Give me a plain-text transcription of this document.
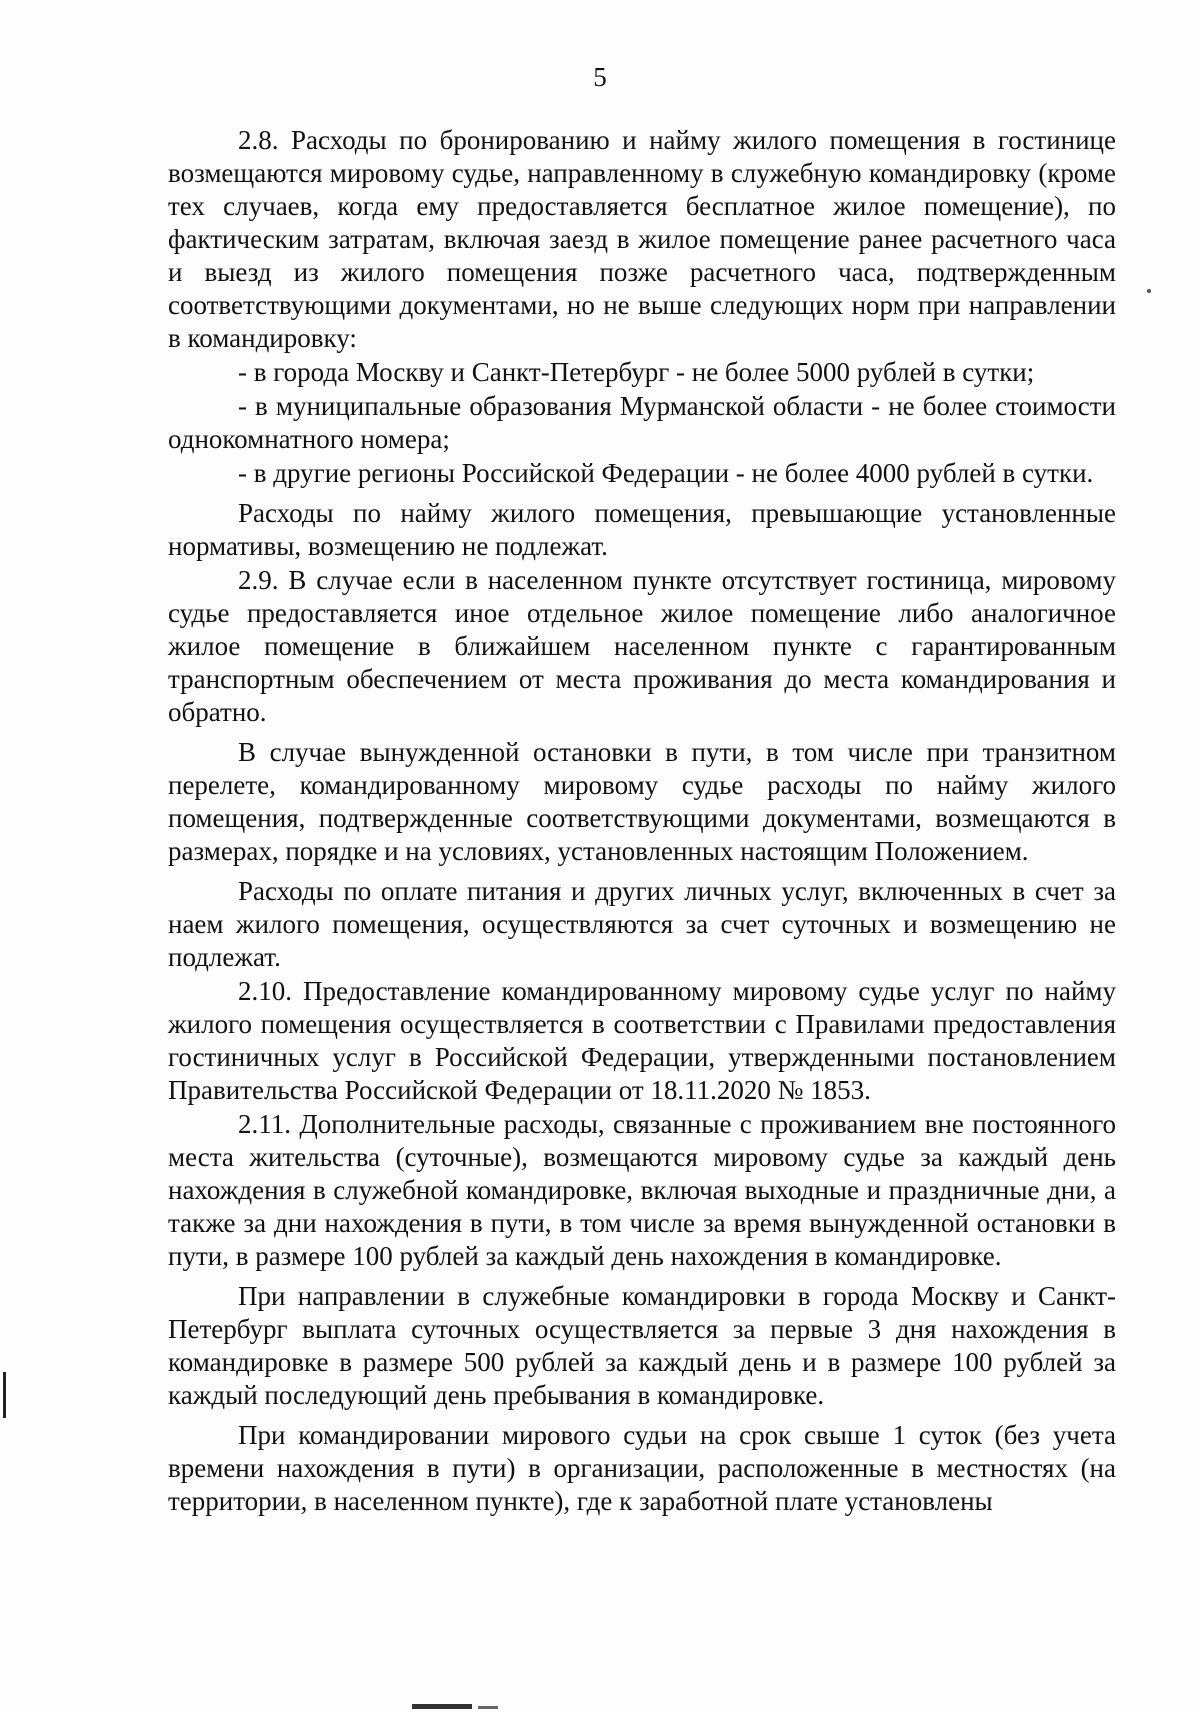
5

2.8. Расходы по бронированию и найму жилого помещения в гостинице возмещаются мировому судье, направленному в служебную командировку (кроме тех случаев, когда ему предоставляется бесплатное жилое помещение), по фактическим затратам, включая заезд в жилое помещение ранее расчетного часа и выезд из жилого помещения позже расчетного часа, подтвержденным соответствующими документами, но не выше следующих норм при направлении в командировку:

- в города Москву и Санкт-Петербург - не более 5000 рублей в сутки;

- в муниципальные образования Мурманской области - не более стоимости однокомнатного номера;

- в другие регионы Российской Федерации - не более 4000 рублей в сутки.

Расходы по найму жилого помещения, превышающие установленные нормативы, возмещению не подлежат.

2.9. В случае если в населенном пункте отсутствует гостиница, мировому судье предоставляется иное отдельное жилое помещение либо аналогичное жилое помещение в ближайшем населенном пункте с гарантированным транспортным обеспечением от места проживания до места командирования и обратно.

В случае вынужденной остановки в пути, в том числе при транзитном перелете, командированному мировому судье расходы по найму жилого помещения, подтвержденные соответствующими документами, возмещаются в размерах, порядке и на условиях, установленных настоящим Положением.

Расходы по оплате питания и других личных услуг, включенных в счет за наем жилого помещения, осуществляются за счет суточных и возмещению не подлежат.

2.10. Предоставление командированному мировому судье услуг по найму жилого помещения осуществляется в соответствии с Правилами предоставления гостиничных услуг в Российской Федерации, утвержденными постановлением Правительства Российской Федерации от 18.11.2020 № 1853.

2.11. Дополнительные расходы, связанные с проживанием вне постоянного места жительства (суточные), возмещаются мировому судье за каждый день нахождения в служебной командировке, включая выходные и праздничные дни, а также за дни нахождения в пути, в том числе за время вынужденной остановки в пути, в размере 100 рублей за каждый день нахождения в командировке.

При направлении в служебные командировки в города Москву и Санкт-Петербург выплата суточных осуществляется за первые 3 дня нахождения в командировке в размере 500 рублей за каждый день и в размере 100 рублей за каждый последующий день пребывания в командировке.

При командировании мирового судьи на срок свыше 1 суток (без учета времени нахождения в пути) в организации, расположенные в местностях (на территории, в населенном пункте), где к заработной плате установлены
